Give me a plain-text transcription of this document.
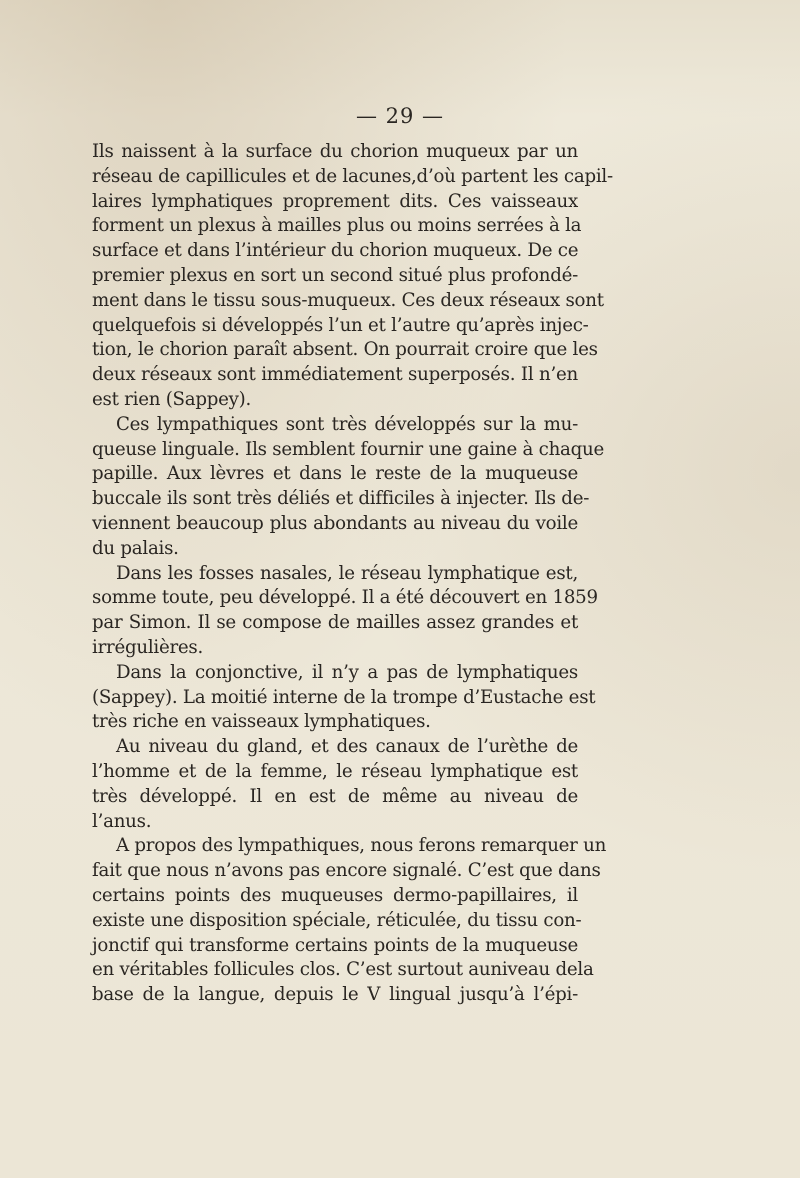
— 29 —
Ils naissent à la surface du chorion muqueux par un
réseau de capillicules et de lacunes,d’où partent les capil-
laires lymphatiques proprement dits. Ces vaisseaux
forment un plexus à mailles plus ou moins serrées à la
surface et dans l’intérieur du chorion muqueux. De ce
premier plexus en sort un second situé plus profondé-
ment dans le tissu sous-muqueux. Ces deux réseaux sont
quelquefois si développés l’un et l’autre qu’après injec-
tion, le chorion paraît absent. On pourrait croire que les
deux réseaux sont immédiatement superposés. Il n’en
est rien (Sappey).
Ces lympathiques sont très développés sur la mu-
queuse linguale. Ils semblent fournir une gaine à chaque
papille. Aux lèvres et dans le reste de la muqueuse
buccale ils sont très déliés et difficiles à injecter. Ils de-
viennent beaucoup plus abondants au niveau du voile
du palais.
Dans les fosses nasales, le réseau lymphatique est,
somme toute, peu développé. Il a été découvert en 1859
par Simon. Il se compose de mailles assez grandes et
irrégulières.
Dans la conjonctive, il n’y a pas de lymphatiques
(Sappey). La moitié interne de la trompe d’Eustache est
très riche en vaisseaux lymphatiques.
Au niveau du gland, et des canaux de l’urèthe de
l’homme et de la femme, le réseau lymphatique est
très développé. Il en est de même au niveau de
l’anus.
A propos des lympathiques, nous ferons remarquer un
fait que nous n’avons pas encore signalé. C’est que dans
certains points des muqueuses dermo-papillaires, il
existe une disposition spéciale, réticulée, du tissu con-
jonctif qui transforme certains points de la muqueuse
en véritables follicules clos. C’est surtout auniveau dela
base de la langue, depuis le V lingual jusqu’à l’épi-
